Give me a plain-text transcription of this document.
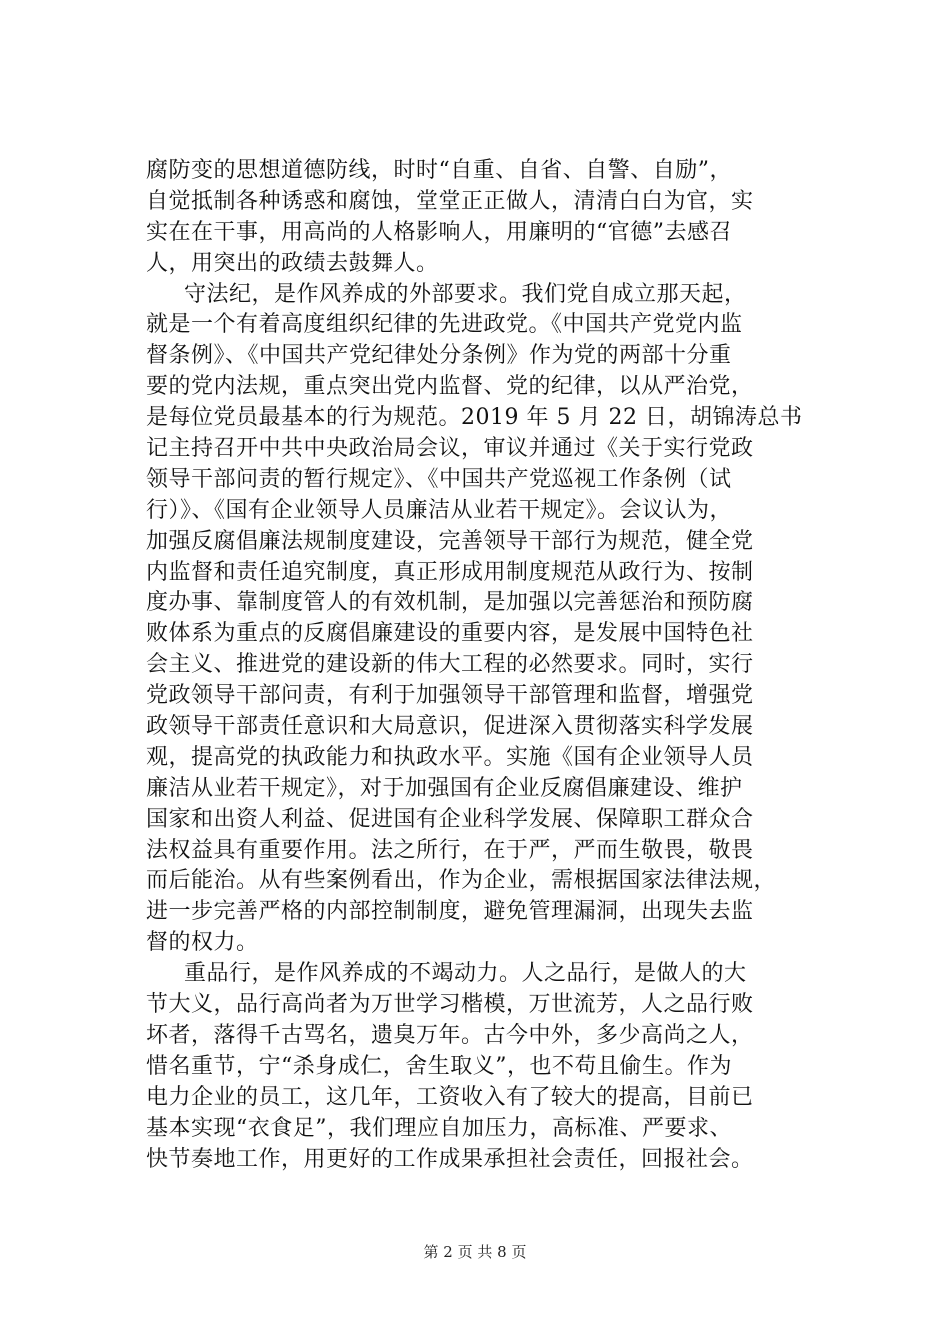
腐防变的思想道德防线，时时“自重、自省、自警、自励”，
自觉抵制各种诱惑和腐蚀，堂堂正正做人，清清白白为官，实
实在在干事，用高尚的人格影响人，用廉明的“官德”去感召
人，用突出的政绩去鼓舞人。
守法纪，是作风养成的外部要求。我们党自成立那天起，
就是一个有着高度组织纪律的先进政党。《中国共产党党内监
督条例》、《中国共产党纪律处分条例》作为党的两部十分重
要的党内法规，重点突出党内监督、党的纪律，以从严治党，
是每位党员最基本的行为规范。2019 年 5 月 22 日，胡锦涛总书
记主持召开中共中央政治局会议，审议并通过《关于实行党政
领导干部问责的暂行规定》、《中国共产党巡视工作条例（试
行）》、《国有企业领导人员廉洁从业若干规定》。会议认为，
加强反腐倡廉法规制度建设，完善领导干部行为规范，健全党
内监督和责任追究制度，真正形成用制度规范从政行为、按制
度办事、靠制度管人的有效机制，是加强以完善惩治和预防腐
败体系为重点的反腐倡廉建设的重要内容，是发展中国特色社
会主义、推进党的建设新的伟大工程的必然要求。同时，实行
党政领导干部问责，有利于加强领导干部管理和监督，增强党
政领导干部责任意识和大局意识，促进深入贯彻落实科学发展
观，提高党的执政能力和执政水平。实施《国有企业领导人员
廉洁从业若干规定》，对于加强国有企业反腐倡廉建设、维护
国家和出资人利益、促进国有企业科学发展、保障职工群众合
法权益具有重要作用。法之所行，在于严，严而生敬畏，敬畏
而后能治。从有些案例看出，作为企业，需根据国家法律法规，
进一步完善严格的内部控制制度，避免管理漏洞，出现失去监
督的权力。
重品行，是作风养成的不竭动力。人之品行，是做人的大
节大义，品行高尚者为万世学习楷模，万世流芳，人之品行败
坏者，落得千古骂名，遗臭万年。古今中外，多少高尚之人，
惜名重节，宁“杀身成仁，舍生取义”，也不苟且偷生。作为
电力企业的员工，这几年，工资收入有了较大的提高，目前已
基本实现“衣食足”，我们理应自加压力，高标准、严要求、
快节奏地工作，用更好的工作成果承担社会责任，回报社会。
第 2 页 共 8 页
